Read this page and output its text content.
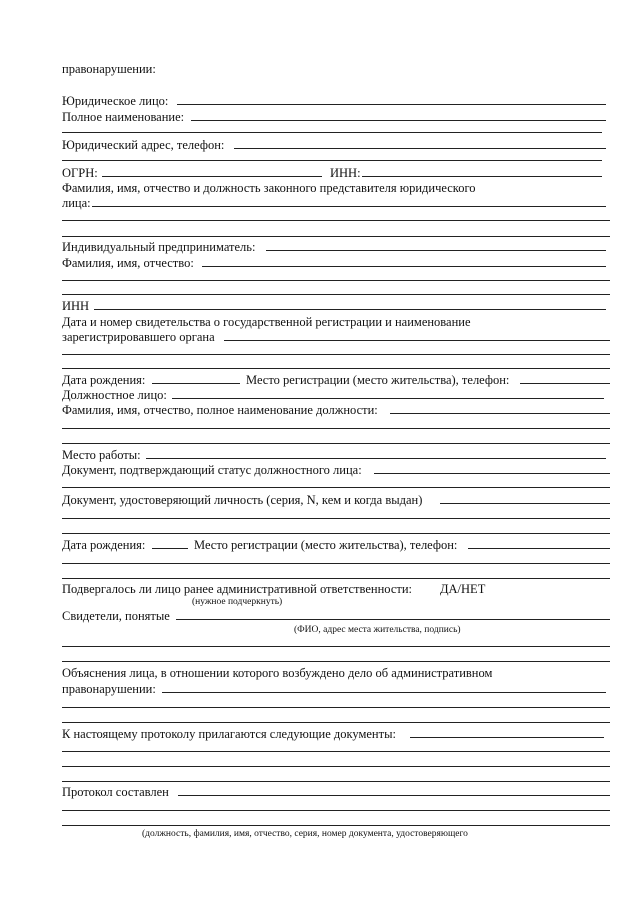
правонарушении:
Юридическое лицо:
Полное наименование:
Юридический адрес, телефон:
ОГРН:	ИНН:
Фамилия, имя, отчество и должность законного представителя юридического
лица:
Индивидуальный предприниматель:
Фамилия, имя, отчество:
ИНН
Дата и номер свидетельства о государственной регистрации и наименование
зарегистрировавшего органа
Дата рождения:	Место регистрации (место жительства), телефон:
Должностное лицо:
Фамилия, имя, отчество, полное наименование должности:
Место работы:
Документ, подтверждающий статус должностного лица:
Документ, удостоверяющий личность (серия, N, кем и когда выдан)
Дата рождения:	Место регистрации (место жительства), телефон:
Подвергалось ли лицо ранее административной ответственности: ДА/НЕТ
(нужное подчеркнуть)
Свидетели, понятые
(ФИО, адрес места жительства, подпись)
Объяснения лица, в отношении которого возбуждено дело об административном
правонарушении:
К настоящему протоколу прилагаются следующие документы:
Протокол составлен
(должность, фамилия, имя, отчество, серия, номер документа, удостоверяющего
